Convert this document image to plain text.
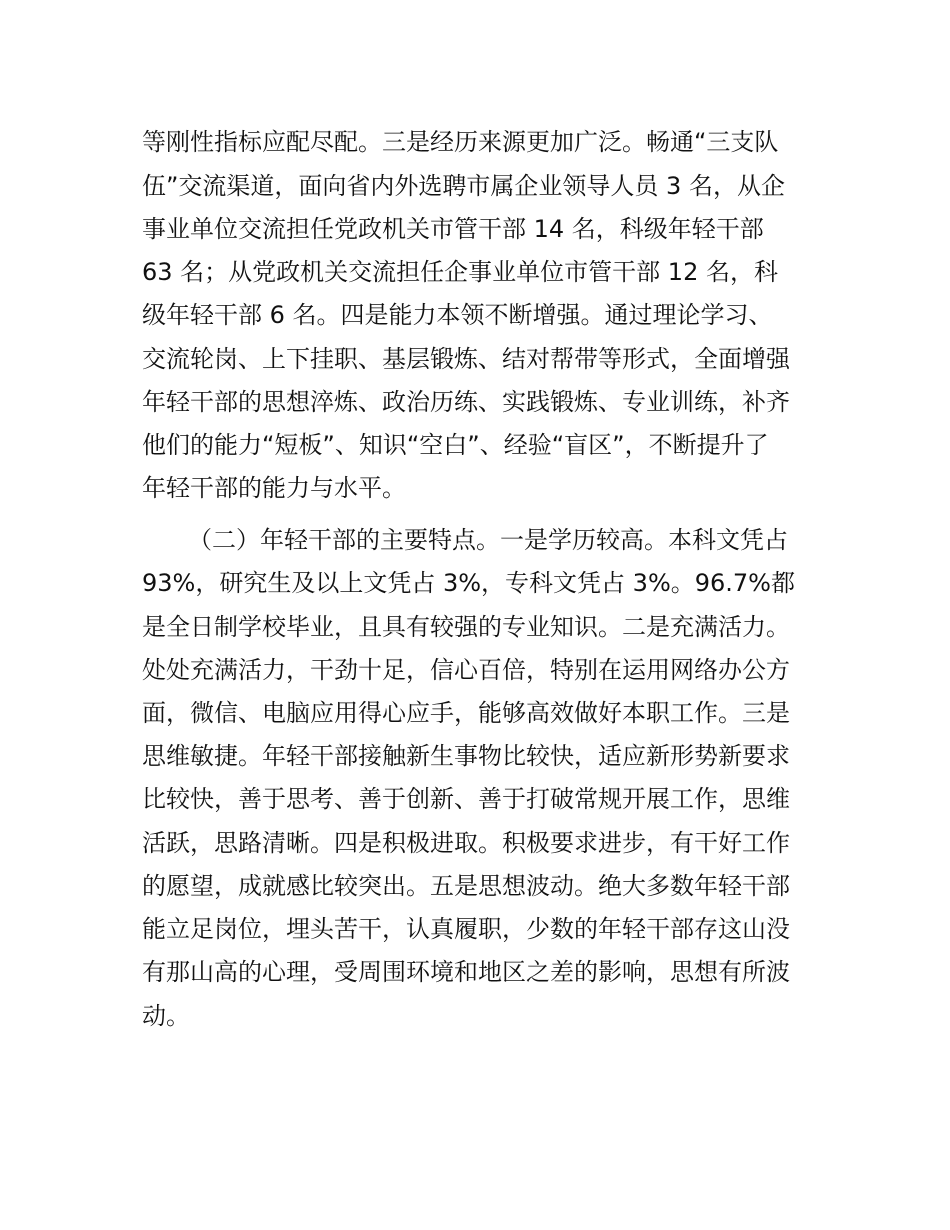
等刚性指标应配尽配。三是经历来源更加广泛。畅通“三支队
伍”交流渠道，面向省内外选聘市属企业领导人员 3 名，从企
事业单位交流担任党政机关市管干部 14 名，科级年轻干部
63 名；从党政机关交流担任企事业单位市管干部 12 名，科
级年轻干部 6 名。四是能力本领不断增强。通过理论学习、
交流轮岗、上下挂职、基层锻炼、结对帮带等形式，全面增强
年轻干部的思想淬炼、政治历练、实践锻炼、专业训练，补齐
他们的能力“短板”、知识“空白”、经验“盲区”，不断提升了
年轻干部的能力与水平。
（二）年轻干部的主要特点。一是学历较高。本科文凭占
93%，研究生及以上文凭占 3%，专科文凭占 3%。96.7%都
是全日制学校毕业，且具有较强的专业知识。二是充满活力。
处处充满活力，干劲十足，信心百倍，特别在运用网络办公方
面，微信、电脑应用得心应手，能够高效做好本职工作。三是
思维敏捷。年轻干部接触新生事物比较快，适应新形势新要求
比较快，善于思考、善于创新、善于打破常规开展工作，思维
活跃，思路清晰。四是积极进取。积极要求进步，有干好工作
的愿望，成就感比较突出。五是思想波动。绝大多数年轻干部
能立足岗位，埋头苦干，认真履职，少数的年轻干部存这山没
有那山高的心理，受周围环境和地区之差的影响，思想有所波
动。
